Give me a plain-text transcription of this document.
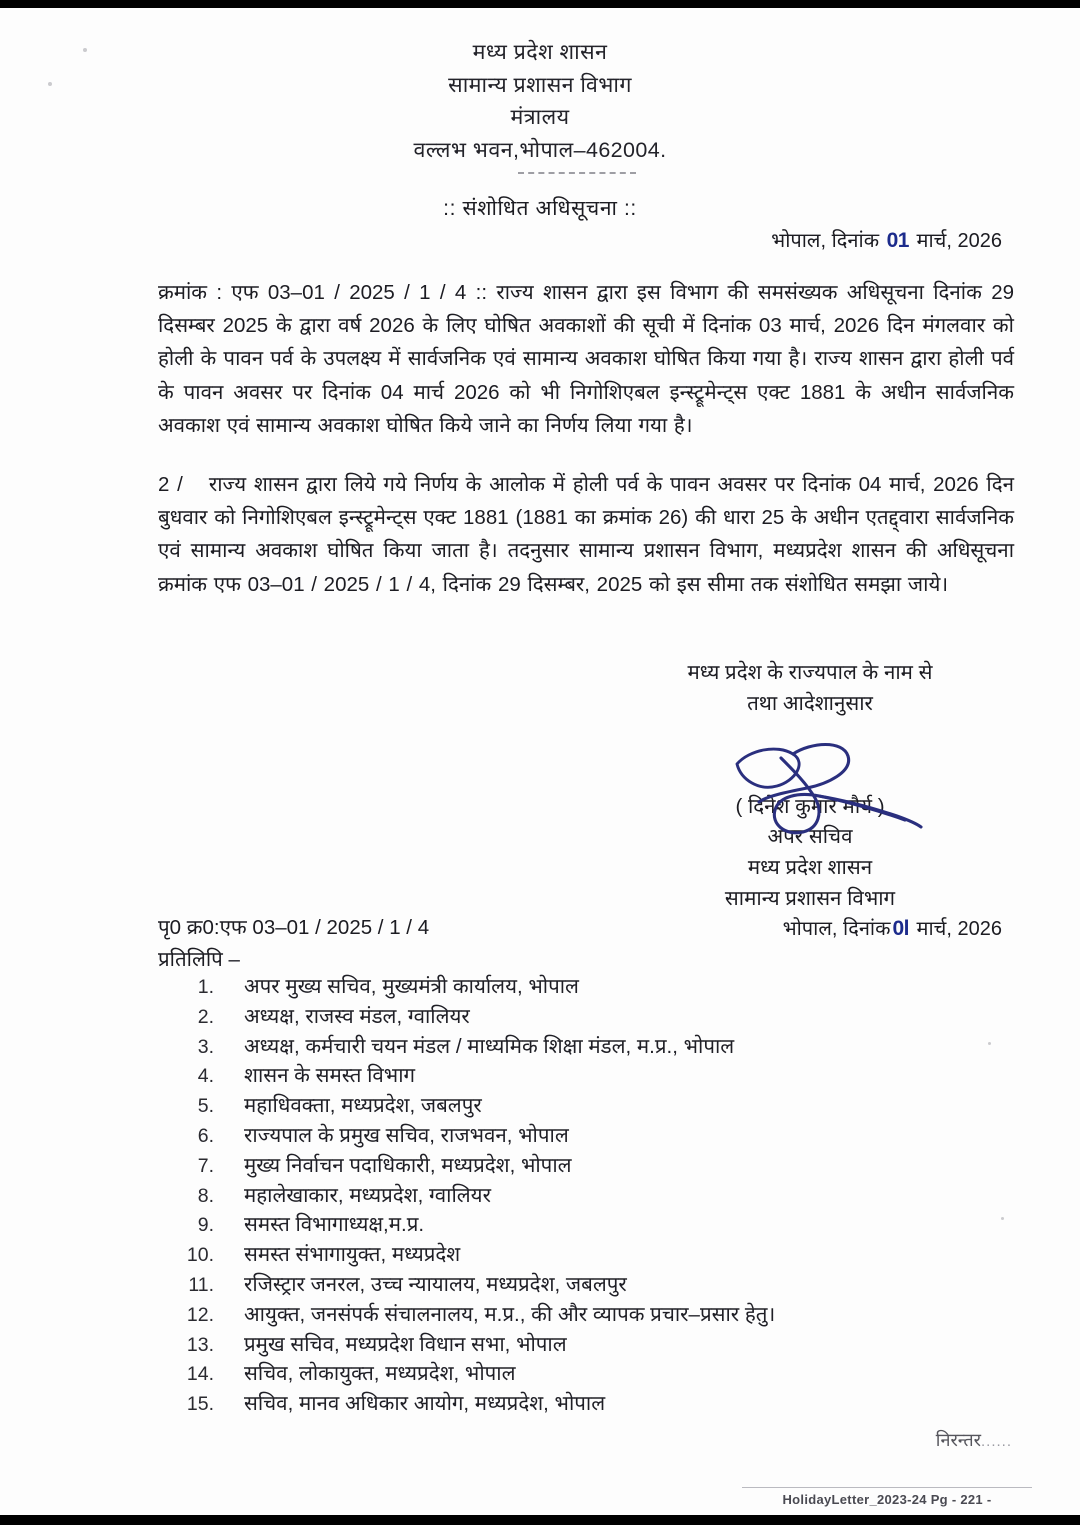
मध्य प्रदेश शासन
सामान्य प्रशासन विभाग
मंत्रालय
वल्लभ भवन,भोपाल–462004.
:: संशोधित अधिसूचना ::
भोपाल, दिनांक 01 मार्च, 2026

क्रमांक : एफ 03–01 / 2025 / 1 / 4 :: राज्य शासन द्वारा इस विभाग की समसंख्यक अधिसूचना दिनांक 29 दिसम्बर 2025 के द्वारा वर्ष 2026 के लिए घोषित अवकाशों की सूची में दिनांक 03 मार्च, 2026 दिन मंगलवार को होली के पावन पर्व के उपलक्ष्य में सार्वजनिक एवं सामान्य अवकाश घोषित किया गया है। राज्य शासन द्वारा होली पर्व के पावन अवसर पर दिनांक 04 मार्च 2026 को भी निगोशिएबल इन्स्ट्रूमेन्ट्स एक्ट 1881 के अधीन सार्वजनिक अवकाश एवं सामान्य अवकाश घोषित किये जाने का निर्णय लिया गया है।

2 / राज्य शासन द्वारा लिये गये निर्णय के आलोक में होली पर्व के पावन अवसर पर दिनांक 04 मार्च, 2026 दिन बुधवार को निगोशिएबल इन्स्ट्रूमेन्ट्स एक्ट 1881 (1881 का क्रमांक 26) की धारा 25 के अधीन एतद्द्वारा सार्वजनिक एवं सामान्य अवकाश घोषित किया जाता है। तदनुसार सामान्य प्रशासन विभाग, मध्यप्रदेश शासन की अधिसूचना क्रमांक एफ 03–01 / 2025 / 1 / 4, दिनांक 29 दिसम्बर, 2025 को इस सीमा तक संशोधित समझा जाये।

मध्य प्रदेश के राज्यपाल के नाम से
तथा आदेशानुसार
( दिनेश कुमार मौर्य )
अपर सचिव
मध्य प्रदेश शासन
सामान्य प्रशासन विभाग
पृ0 क्र0:एफ 03–01 / 2025 / 1 / 4
प्रतिलिपि –
भोपाल, दिनांक0l मार्च, 2026
1.	अपर मुख्य सचिव, मुख्यमंत्री कार्यालय, भोपाल
2.	अध्यक्ष, राजस्व मंडल, ग्वालियर
3.	अध्यक्ष, कर्मचारी चयन मंडल / माध्यमिक शिक्षा मंडल, म.प्र., भोपाल
4.	शासन के समस्त विभाग
5.	महाधिवक्ता, मध्यप्रदेश, जबलपुर
6.	राज्यपाल के प्रमुख सचिव, राजभवन, भोपाल
7.	मुख्य निर्वाचन पदाधिकारी, मध्यप्रदेश, भोपाल
8.	महालेखाकार, मध्यप्रदेश, ग्वालियर
9.	समस्त विभागाध्यक्ष,म.प्र.
10.	समस्त संभागायुक्त, मध्यप्रदेश
11.	रजिस्ट्रार जनरल, उच्च न्यायालय, मध्यप्रदेश, जबलपुर
12.	आयुक्त, जनसंपर्क संचालनालय, म.प्र., की और व्यापक प्रचार–प्रसार हेतु।
13.	प्रमुख सचिव, मध्यप्रदेश विधान सभा, भोपाल
14.	सचिव, लोकायुक्त, मध्यप्रदेश, भोपाल
15.	सचिव, मानव अधिकार आयोग, मध्यप्रदेश, भोपाल
निरन्तर......
HolidayLetter_2023-24 Pg - 221 -
